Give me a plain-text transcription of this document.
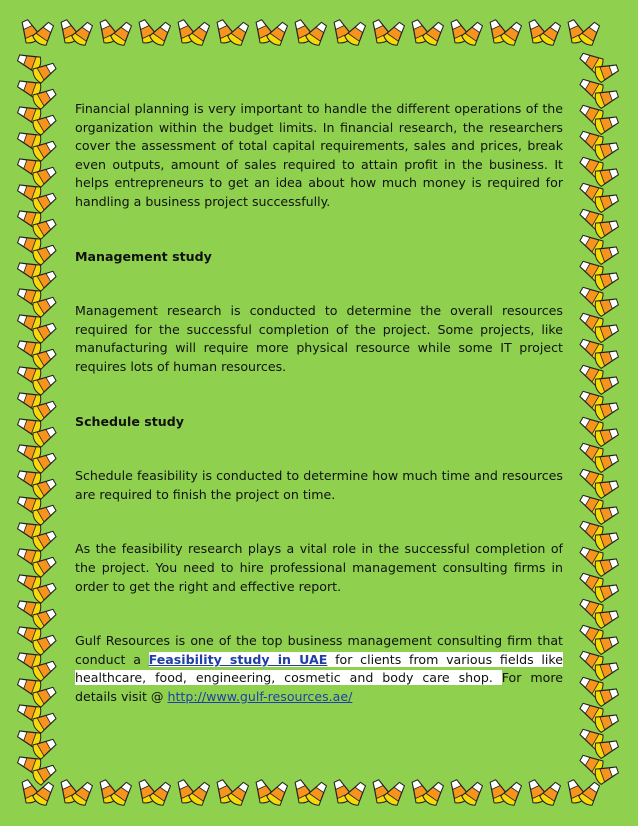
Financial planning is very important to handle the different operations of the organization within the budget limits. In financial research, the researchers cover the assessment of total capital requirements, sales and prices, break even outputs, amount of sales required to attain profit in the business. It helps entrepreneurs to get an idea about how much money is required for handling a business project successfully.

Management study

Management research is conducted to determine the overall resources required for the successful completion of the project. Some projects, like manufacturing will require more physical resource while some IT project requires lots of human resources.

Schedule study

Schedule feasibility is conducted to determine how much time and resources are required to finish the project on time.

As the feasibility research plays a vital role in the successful completion of the project. You need to hire professional management consulting firms in order to get the right and effective report.

Gulf Resources is one of the top business management consulting firm that conduct a Feasibility study in UAE for clients from various fields like healthcare, food, engineering, cosmetic and body care shop. For more details visit @ http://www.gulf-resources.ae/
